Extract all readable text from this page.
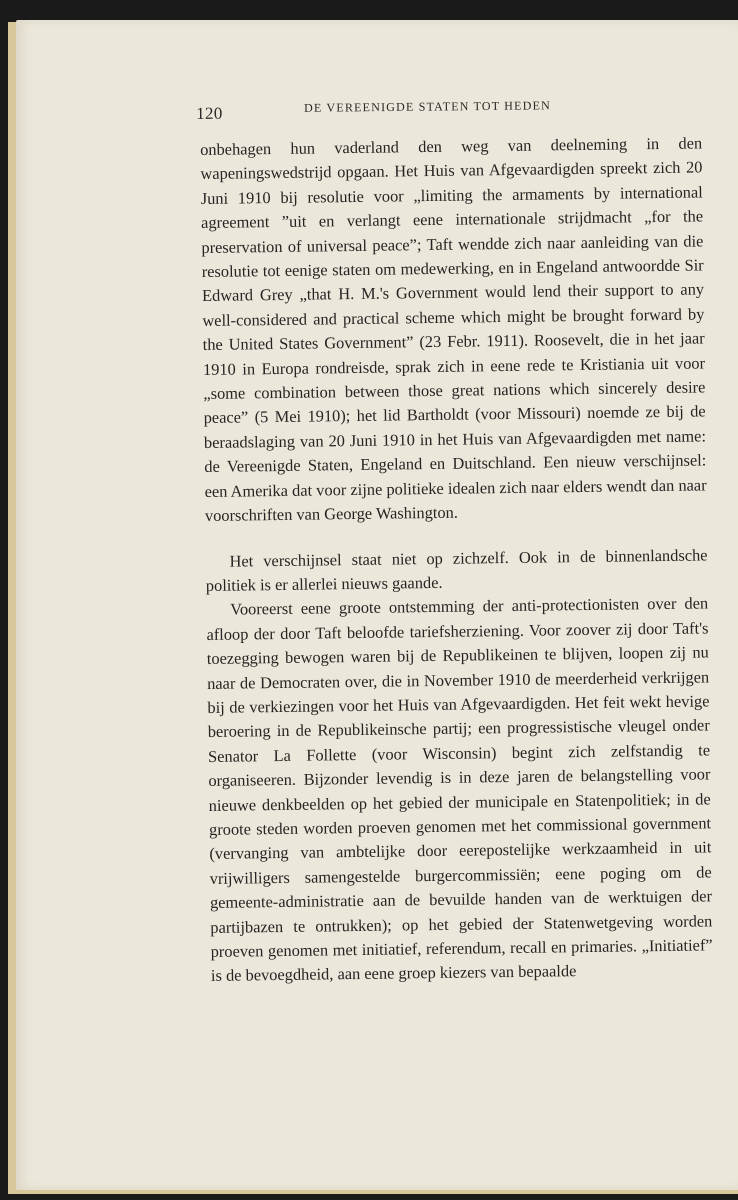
120	DE VEREENIGDE STATEN TOT HEDEN

onbehagen hun vaderland den weg van deelneming in den wapeningswedstrijd opgaan. Het Huis van Afgevaardigden spreekt zich 20 Juni 1910 bij resolutie voor „limiting the armaments by international agreement ”uit en verlangt eene internationale strijdmacht „for the preservation of universal peace”; Taft wendde zich naar aanleiding van die resolutie tot eenige staten om medewerking, en in Engeland antwoordde Sir Edward Grey „that H. M.'s Government would lend their support to any well-considered and practical scheme which might be brought forward by the United States Government” (23 Febr. 1911). Roosevelt, die in het jaar 1910 in Europa rondreisde, sprak zich in eene rede te Kristiania uit voor „some combination between those great nations which sincerely desire peace” (5 Mei 1910); het lid Bartholdt (voor Missouri) noemde ze bij de beraadslaging van 20 Juni 1910 in het Huis van Afgevaardigden met name: de Vereenigde Staten, Engeland en Duitschland. Een nieuw verschijnsel: een Amerika dat voor zijne politieke idealen zich naar elders wendt dan naar voorschriften van George Washington.

Het verschijnsel staat niet op zichzelf. Ook in de binnenlandsche politiek is er allerlei nieuws gaande.

Vooreerst eene groote ontstemming der anti-protectionisten over den afloop der door Taft beloofde tariefsherziening. Voor zoover zij door Taft's toezegging bewogen waren bij de Republikeinen te blijven, loopen zij nu naar de Democraten over, die in November 1910 de meerderheid verkrijgen bij de verkiezingen voor het Huis van Afgevaardigden. Het feit wekt hevige beroering in de Republikeinsche partij; een progressistische vleugel onder Senator La Follette (voor Wisconsin) begint zich zelfstandig te organiseeren. Bijzonder levendig is in deze jaren de belangstelling voor nieuwe denkbeelden op het gebied der municipale en Statenpolitiek; in de groote steden worden proeven genomen met het commissional government (vervanging van ambtelijke door eerepostelijke werkzaamheid in uit vrijwilligers samengestelde burgercommissiën; eene poging om de gemeente-administratie aan de bevuilde handen van de werktuigen der partijbazen te ontrukken); op het gebied der Statenwetgeving worden proeven genomen met initiatief, referendum, recall en primaries. „Initiatief” is de bevoegdheid, aan eene groep kiezers van bepaalde
